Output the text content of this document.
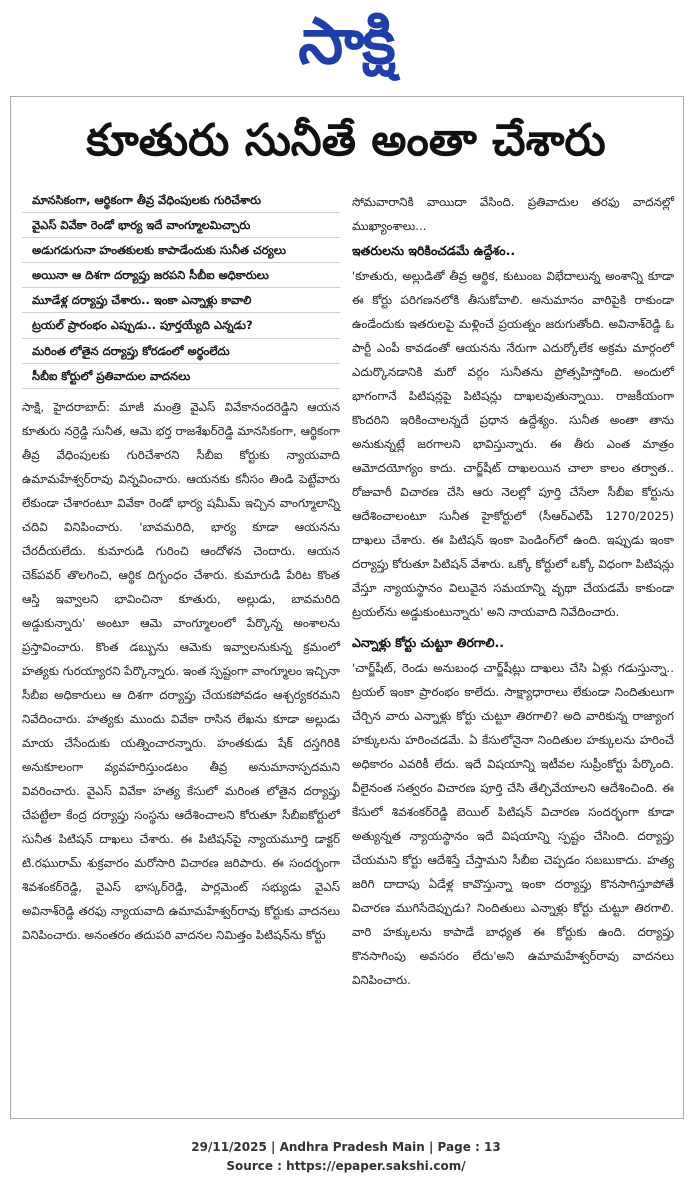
సాక్షి
కూతురు సునీతే అంతా చేశారు
మానసికంగా, ఆర్థికంగా తీవ్ర వేధింపులకు గురిచేశారు
వైఎస్ వివేకా రెండో భార్య ఇదే వాంగ్మూలమిచ్చారు
అడుగడుగునా హంతకులకు కాపాడేందుకు సునీత చర్యలు
అయినా ఆ దిశగా దర్యాప్తు జరపని సీబీఐ అధికారులు
మూడేళ్ల దర్యాప్తు చేశారు.. ఇంకా ఎన్నాళ్లు కావాలి
ట్రయల్ ప్రారంభం ఎప్పుడు.. పూర్తయ్యేది ఎన్నడు?
మరింత లోతైన దర్యాప్తు కోరడంలో అర్థంలేదు
సీబీఐ కోర్టులో ప్రతివాదుల వాదనలు

సాక్షి, హైదరాబాద్: మాజీ మంత్రి వైఎస్ వివేకానందరెడ్డిని ఆయన కూతురు నర్రెడ్డి సునీత, ఆమె భర్త రాజశేఖర్‌రెడ్డి మానసికంగా, ఆర్థికంగా తీవ్ర వేధింపులకు గురిచేశారని సీబీఐ కోర్టుకు న్యాయవాది ఉమామహేశ్వర్‌రావు విన్నవించారు. ఆయనకు కనీసం తిండి పెట్టేవారు లేకుండా చేశారంటూ వివేకా రెండో భార్య షమీమ్ ఇచ్చిన వాంగ్మూలాన్ని చదివి వినిపించారు. 'బావమరిది, భార్య కూడా ఆయనను చేరదీయలేదు. కుమారుడి గురించి ఆందోళన చెందారు. ఆయన చెక్‌పవర్ తొలగించి, ఆర్థిక దిగ్బంధం చేశారు. కుమారుడి పేరిట కొంత ఆస్తి ఇవ్వాలని భావించినా కూతురు, అల్లుడు, బావమరిది అడ్డుకున్నారు' అంటూ ఆమె వాంగ్మూలంలో పేర్కొన్న అంశాలను ప్రస్తావించారు. కొంత డబ్బును ఆమెకు ఇవ్వాలనుకున్న క్రమంలో హత్యకు గురయ్యారని పేర్కొన్నారు. ఇంత స్పష్టంగా వాంగ్మూలం ఇచ్చినా సీబీఐ అధికారులు ఆ దిశగా దర్యాప్తు చేయకపోవడం ఆశ్చర్యకరమని నివేదించారు. హత్యకు ముందు వివేకా రాసిన లేఖను కూడా అల్లుడు మాయ చేసేందుకు యత్నించారన్నారు. హంతకుడు షేక్ దస్తగిరికి అనుకూలంగా వ్యవహరిస్తుండటం తీవ్ర అనుమానాస్పదమని వివరించారు. వైఎస్ వివేకా హత్య కేసులో మరింత లోతైన దర్యాప్తు చేపట్టేలా కేంద్ర దర్యాప్తు సంస్థను ఆదేశించాలని కోరుతూ సీబీఐకోర్టులో సునీత పిటిషన్ దాఖలు చేశారు. ఈ పిటిషన్‌పై న్యాయమూర్తి డాక్టర్ టి.రఘురామ్ శుక్రవారం మరోసారి విచారణ జరిపారు. ఈ సందర్భంగా శివశంకర్‌రెడ్డి, వైఎస్ భాస్కర్‌రెడ్డి, పార్లమెంట్ సభ్యుడు వైఎస్ అవినాశ్‌రెడ్డి తరఫు న్యాయవాది ఉమామహేశ్వర్‌రావు కోర్టుకు వాదనలు వినిపించారు. అనంతరం తదుపరి వాదనల నిమిత్తం పిటిషన్‌ను కోర్టు

సోమవారానికి వాయిదా వేసింది. ప్రతివాదుల తరఫు వాదనల్లో ముఖ్యాంశాలు...

ఇతరులను ఇరికించడమే ఉద్దేశం..

'కూతురు, అల్లుడితో తీవ్ర ఆర్థిక, కుటుంబ విభేదాలున్న అంశాన్ని కూడా ఈ కోర్టు పరిగణనలోకి తీసుకోవాలి. అనుమానం వారిపైకి రాకుండా ఉండేందుకు ఇతరులపై మళ్లించే ప్రయత్నం జరుగుతోంది. అవినాశ్‌రెడ్డి ఓ పార్టీ ఎంపీ కావడంతో ఆయనను నేరుగా ఎదుర్కోలేక అక్రమ మార్గంలో ఎదుర్కొనడానికి మరో వర్గం సునీతను ప్రోత్సహిస్తోంది. అందులో భాగంగానే పిటిషన్లపై పిటిషన్లు దాఖలవుతున్నాయి. రాజకీయంగా కొందరిని ఇరికించాలన్నదే ప్రధాన ఉద్దేశ్యం. సునీత అంతా తాను అనుకున్నట్లే జరగాలని భావిస్తున్నారు. ఈ తీరు ఎంత మాత్రం ఆమోదయోగ్యం కాదు. చార్జ్‌షీట్ దాఖలయిన చాలా కాలం తర్వాత.. రోజువారీ విచారణ చేసి ఆరు నెలల్లో పూర్తి చేసేలా సీబీఐ కోర్టును ఆదేశించాలంటూ సునీత హైకోర్టులో (సీఆర్‌ఎల్‌పీ 1270/2025) దాఖలు చేశారు. ఈ పిటిషన్ ఇంకా పెండింగ్‌లో ఉంది. ఇప్పుడు ఇంకా దర్యాప్తు కోరుతూ పిటిషన్ వేశారు. ఒక్కో కోర్టులో ఒక్కో విధంగా పిటిషన్లు వేస్తూ న్యాయస్థానం విలువైన సమయాన్ని వృథా చేయడమే కాకుండా ట్రయల్‌ను అడ్డుకుంటున్నారు' అని నాయవాది నివేదించారు.

ఎన్నాళ్లు కోర్టు చుట్టూ తిరగాలి..

'చార్జ్‌షీట్, రెండు అనుబంధ చార్జ్‌షీట్లు దాఖలు చేసి ఏళ్లు గడుస్తున్నా.. ట్రయల్ ఇంకా ప్రారంభం కాలేదు. సాక్ష్యాధారాలు లేకుండా నిందితులుగా చేర్చిన వారు ఎన్నాళ్లు కోర్టు చుట్టూ తిరగాలి? అది వారికున్న రాజ్యాంగ హక్కులను హరించడమే. ఏ కేసులోనైనా నిందితుల హక్కులను హరించే అధికారం ఎవరికీ లేదు. ఇదే విషయాన్ని ఇటీవల సుప్రీంకోర్టు పేర్కొంది. వీలైనంత సత్వరం విచారణ పూర్తి చేసి తేల్చివేయాలని ఆదేశించింది. ఈ కేసులో శివశంకర్‌రెడ్డి బెయిల్ పిటిషన్ విచారణ సందర్భంగా కూడా అత్యున్నత న్యాయస్థానం ఇదే విషయాన్ని స్పష్టం చేసింది. దర్యాప్తు చేయమని కోర్టు ఆదేశిస్తే చేస్తామని సీబీఐ చెప్పడం సబబుకాదు. హత్య జరిగి దాదాపు ఏడేళ్ల కావొస్తున్నా ఇంకా దర్యాప్తు కొనసాగిస్తూపోతే విచారణ ముగిసేదెప్పుడు? నిందితులు ఎన్నాళ్లు కోర్టు చుట్టూ తిరగాలి. వారి హక్కులను కాపాడే బాధ్యత ఈ కోర్టుకు ఉంది. దర్యాప్తు కొనసాగింపు అవసరం లేదు'అని ఉమామహేశ్వర్‌రావు వాదనలు వినిపించారు.

29/11/2025 | Andhra Pradesh Main | Page : 13
Source : https://epaper.sakshi.com/
